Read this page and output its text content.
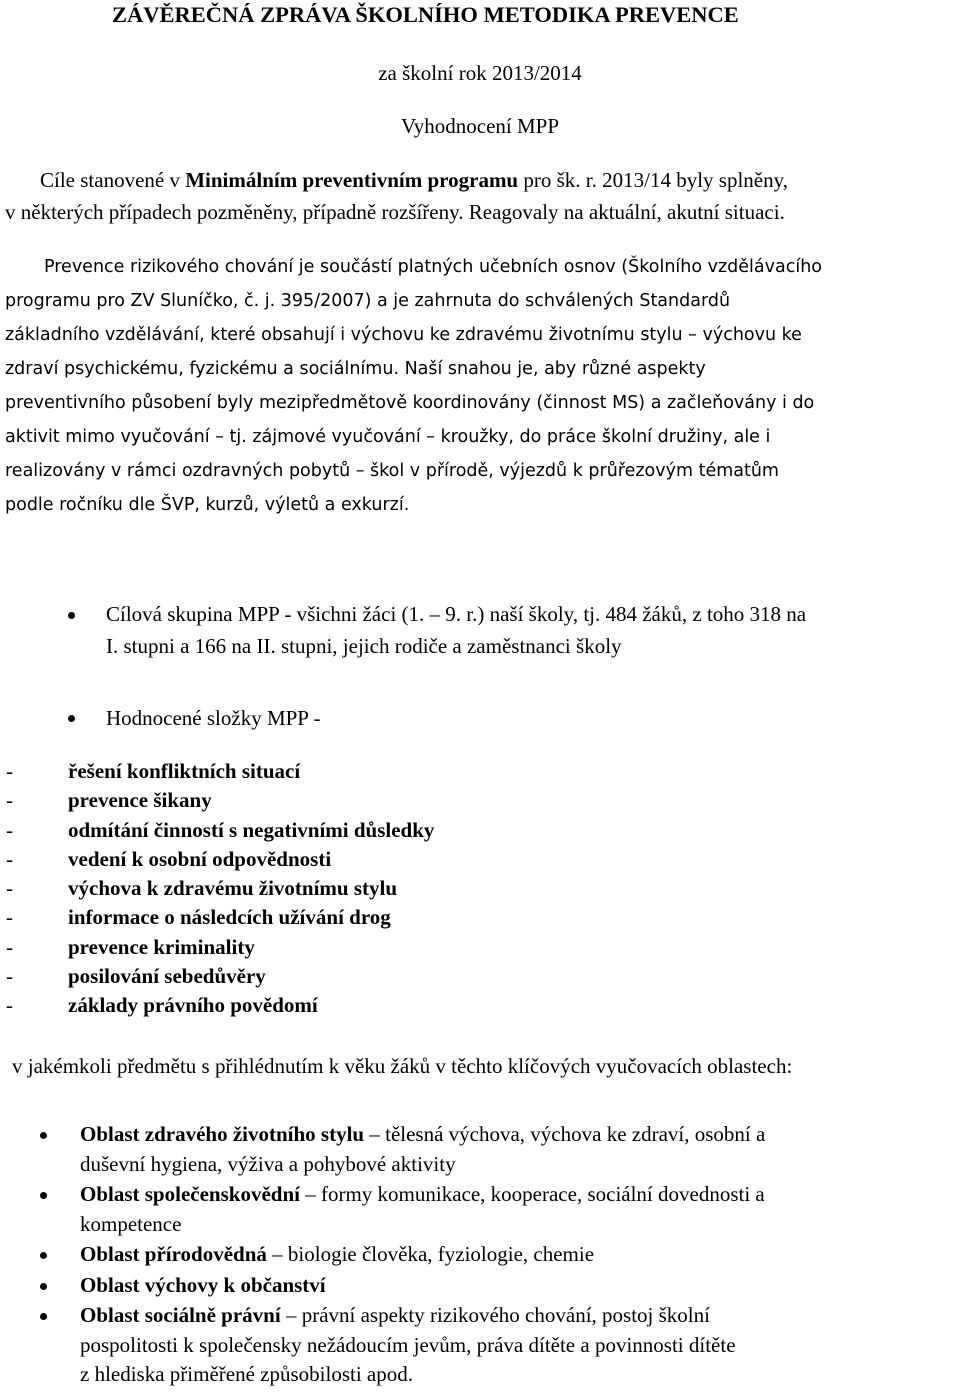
ZÁVĚREČNÁ ZPRÁVA ŠKOLNÍHO METODIKA PREVENCE
za školní rok 2013/2014
Vyhodnocení MPP
Cíle stanovené v Minimálním preventivním programu pro šk. r. 2013/14 byly splněny,
v některých případech pozměněny, případně rozšířeny. Reagovaly na aktuální, akutní situaci.
Prevence rizikového chování je součástí platných učebních osnov (Školního vzdělávacího
programu pro ZV Sluníčko, č. j. 395/2007) a je zahrnuta do schválených Standardů
základního vzdělávání, které obsahují i výchovu ke zdravému životnímu stylu – výchovu ke
zdraví psychickému, fyzickému a sociálnímu. Naší snahou je, aby různé aspekty
preventivního působení byly mezipředmětově koordinovány (činnost MS) a začleňovány i do
aktivit mimo vyučování – tj. zájmové vyučování – kroužky, do práce školní družiny, ale i
realizovány v rámci ozdravných pobytů – škol v přírodě, výjezdů k průřezovým tématům
podle ročníku dle ŠVP, kurzů, výletů a exkurzí.
Cílová skupina MPP - všichni žáci (1. – 9. r.) naší školy, tj. 484 žáků, z toho 318 na
I. stupni a 166 na II. stupni, jejich rodiče a zaměstnanci školy
Hodnocené složky MPP -
-	řešení konfliktních situací
-	prevence šikany
-	odmítání činností s negativními důsledky
-	vedení k osobní odpovědnosti
-	výchova k zdravému životnímu stylu
-	informace o následcích užívání drog
-	prevence kriminality
-	posilování sebedůvěry
-	základy právního povědomí
v jakémkoli předmětu s přihlédnutím k věku žáků v těchto klíčových vyučovacích oblastech:
Oblast zdravého životního stylu – tělesná výchova, výchova ke zdraví, osobní a
duševní hygiena, výživa a pohybové aktivity
Oblast společenskovědní – formy komunikace, kooperace, sociální dovednosti a
kompetence
Oblast přírodovědná – biologie člověka, fyziologie, chemie
Oblast výchovy k občanství
Oblast sociálně právní – právní aspekty rizikového chování, postoj školní
pospolitosti k společensky nežádoucím jevům, práva dítěte a povinnosti dítěte
z hlediska přiměřené způsobilosti apod.
